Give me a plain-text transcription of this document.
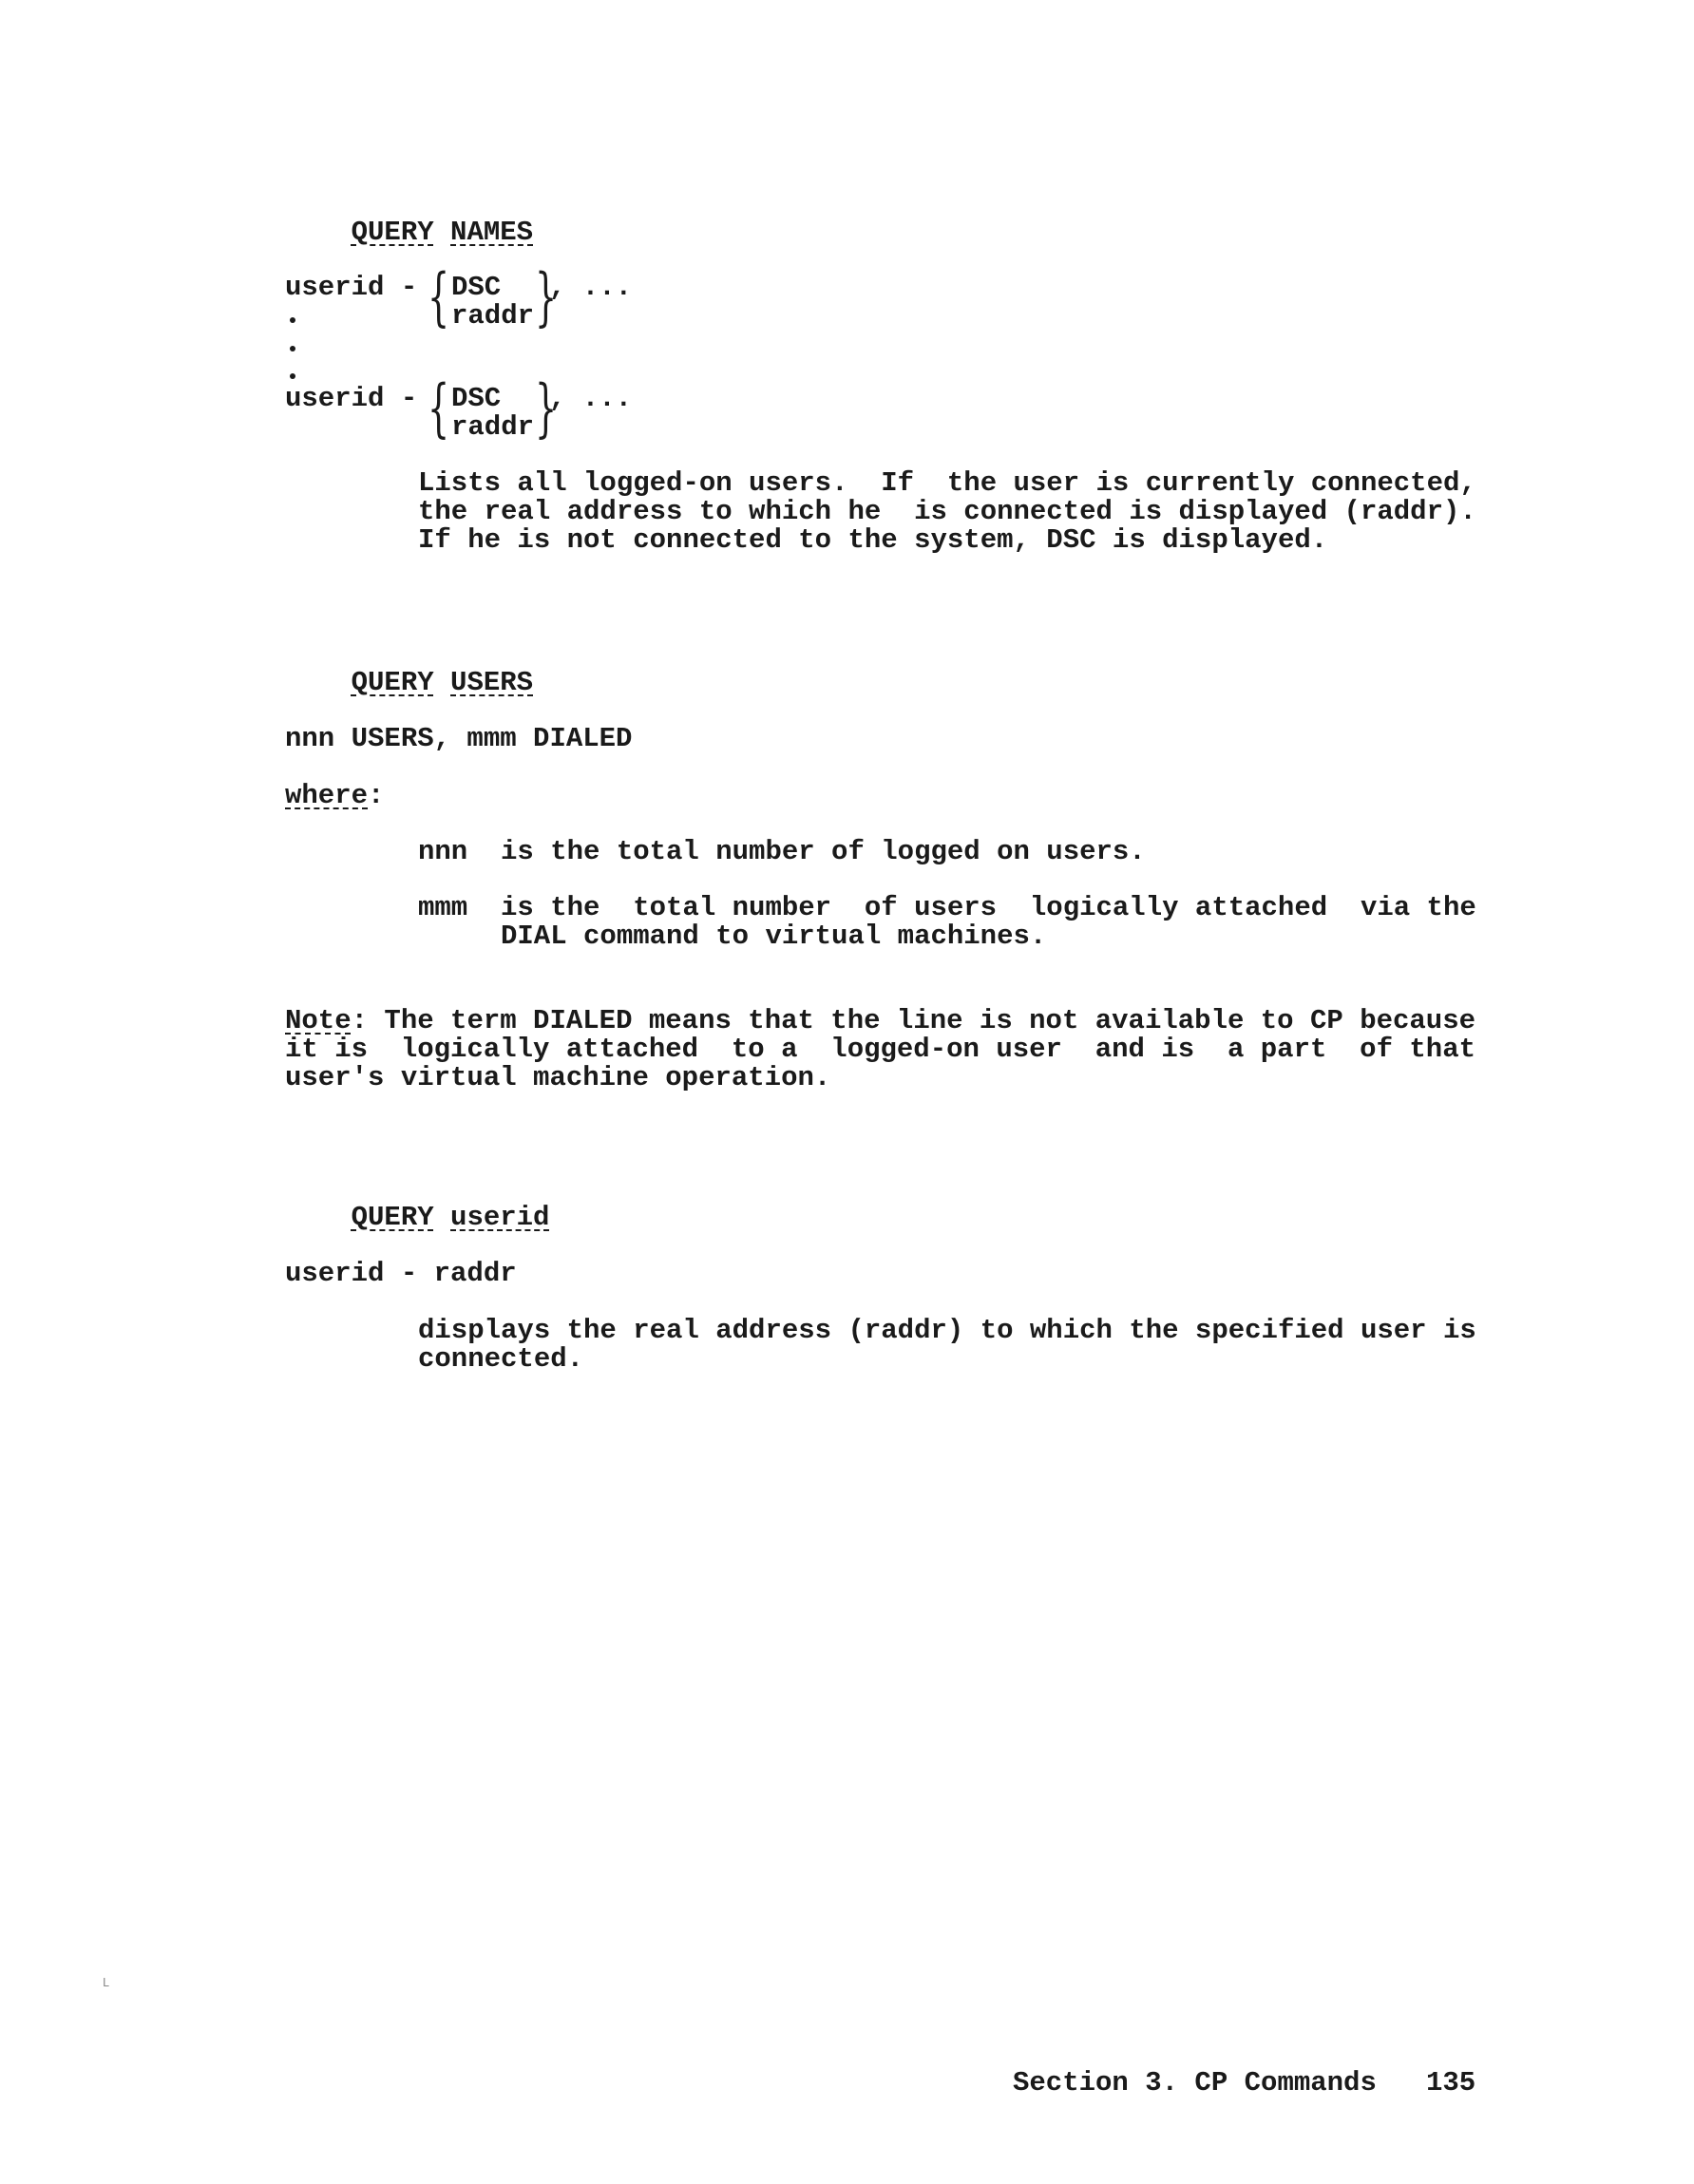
QUERY NAMES

userid - { DSC
raddr }
, ...
userid - { DSC
raddr }
, ...
Lists all logged-on users.  If  the user is currently connected,
the real address to which he  is connected is displayed (raddr).
If he is not connected to the system, DSC is displayed.

QUERY USERS

nnn USERS, mmm DIALED
where:
nnn is the total number of logged on users.
mmm is the  total number  of users  logically attached  via the
DIAL command to virtual machines.
Note: The term DIALED means that the line is not available to CP because
it is  logically attached  to a  logged-on user  and is  a part  of that
user's virtual machine operation.

QUERY userid

userid - raddr
displays the real address (raddr) to which the specified user is
connected.
L
Section 3. CP Commands 135
